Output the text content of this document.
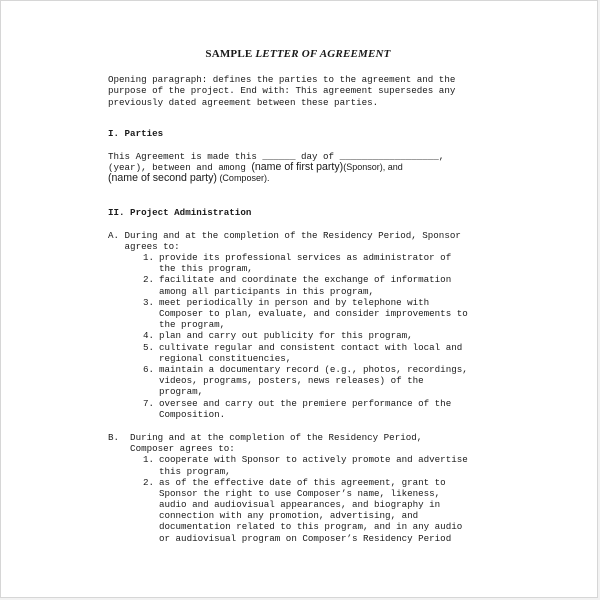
SAMPLE LETTER OF AGREEMENT
Opening paragraph: defines the parties to the agreement and the
purpose of the project. End with: This agreement supersedes any
previously dated agreement between these parties.
I. Parties
This Agreement is made this ______ day of __________________,
(year), between and among (name of first party)(Sponsor), and
(name of second party) (Composer).
II. Project Administration
A. During and at the completion of the Residency Period, Sponsor
agrees to:
1. provide its professional services as administrator of
the this program,
2. facilitate and coordinate the exchange of information
among all participants in this program,
3. meet periodically in person and by telephone with
Composer to plan, evaluate, and consider improvements to
the program,
4. plan and carry out publicity for this program,
5. cultivate regular and consistent contact with local and
regional constituencies,
6. maintain a documentary record (e.g., photos, recordings,
videos, programs, posters, news releases) of the
program,
7. oversee and carry out the premiere performance of the
Composition.
B.  During and at the completion of the Residency Period,
Composer agrees to:
1. cooperate with Sponsor to actively promote and advertise
this program,
2. as of the effective date of this agreement, grant to
Sponsor the right to use Composer’s name, likeness,
audio and audiovisual appearances, and biography in
connection with any promotion, advertising, and
documentation related to this program, and in any audio
or audiovisual program on Composer’s Residency Period
